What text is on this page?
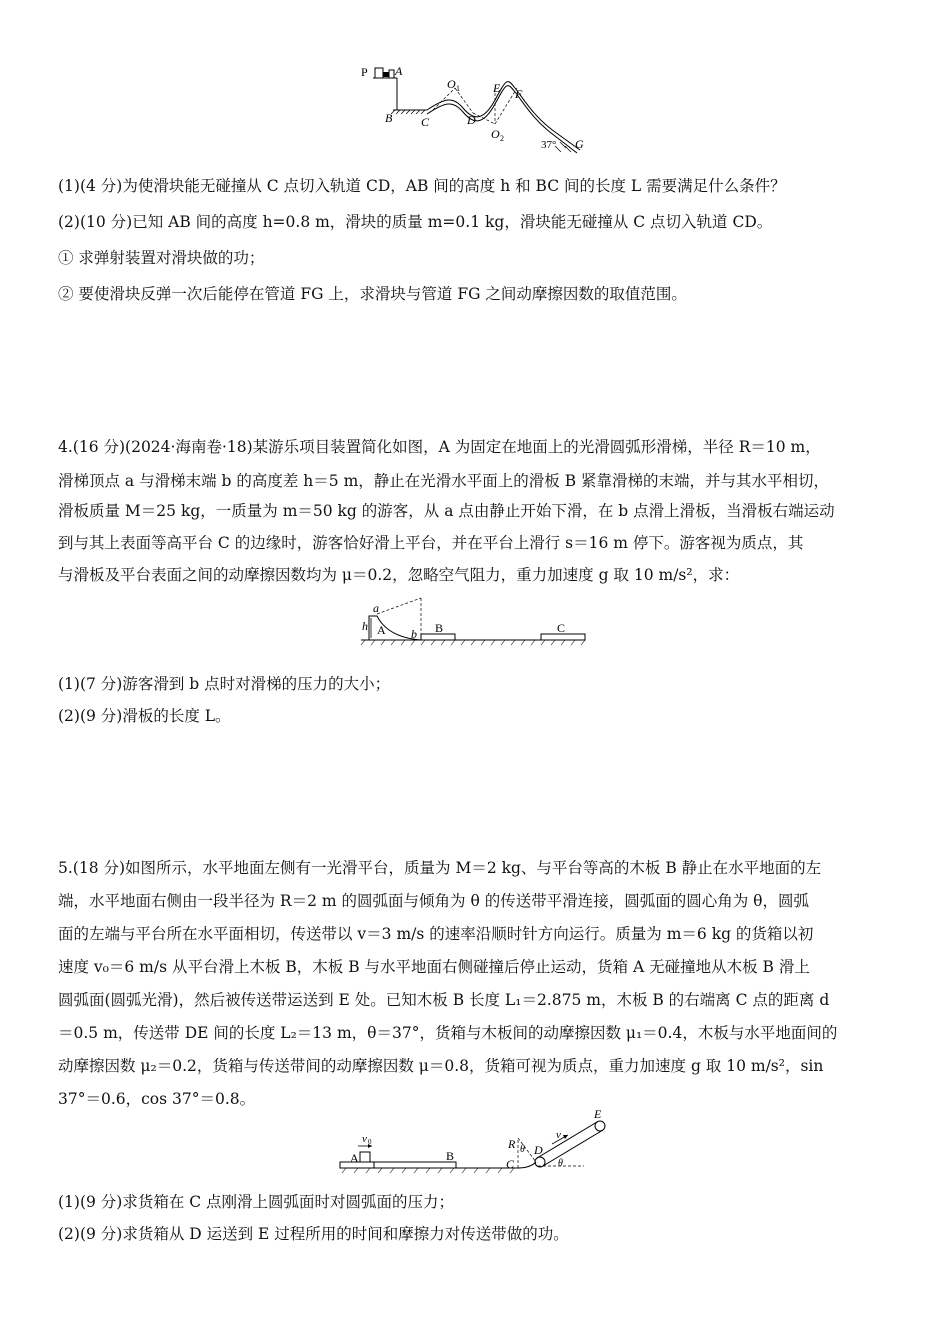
P A
B C
O 1
D
E F
O 2
37° G
(1)(4 分)为使滑块能无碰撞从 C 点切入轨道 CD，AB 间的高度 h 和 BC 间的长度 L 需要满足什么条件？
(2)(10 分)已知 AB 间的高度 h=0.8 m，滑块的质量 m=0.1 kg，滑块能无碰撞从 C 点切入轨道 CD。
① 求弹射装置对滑块做的功；
② 要使滑块反弹一次后能停在管道 FG 上，求滑块与管道 FG 之间动摩擦因数的取值范围。
4.(16 分)(2024·海南卷·18)某游乐项目装置简化如图，A 为固定在地面上的光滑圆弧形滑梯，半径 R＝10 m，
滑梯顶点 a 与滑梯末端 b 的高度差 h＝5 m，静止在光滑水平面上的滑板 B 紧靠滑梯的末端，并与其水平相切，
滑板质量 M＝25 kg，一质量为 m＝50 kg 的游客，从 a 点由静止开始下滑，在 b 点滑上滑板，当滑板右端运动
到与其上表面等高平台 C 的边缘时，游客恰好滑上平台，并在平台上滑行 s＝16 m 停下。游客视为质点，其
与滑板及平台表面之间的动摩擦因数均为 μ＝0.2，忽略空气阻力，重力加速度 g 取 10 m/s²，求：
a
h A b B	C
(1)(7 分)游客滑到 b 点时对滑梯的压力的大小；
(2)(9 分)滑板的长度 L。
5.(18 分)如图所示，水平地面左侧有一光滑平台，质量为 M＝2 kg、与平台等高的木板 B 静止在水平地面的左
端，水平地面右侧由一段半径为 R＝2 m 的圆弧面与倾角为 θ 的传送带平滑连接，圆弧面的圆心角为 θ，圆弧
面的左端与平台所在水平面相切，传送带以 v＝3 m/s 的速率沿顺时针方向运行。质量为 m＝6 kg 的货箱以初
速度 v₀＝6 m/s 从平台滑上木板 B，木板 B 与水平地面右侧碰撞后停止运动，货箱 A 无碰撞地从木板 B 滑上
圆弧面(圆弧光滑)，然后被传送带运送到 E 处。已知木板 B 长度 L₁＝2.875 m，木板 B 的右端离 C 点的距离 d
＝0.5 m，传送带 DE 间的长度 L₂＝13 m，θ＝37°，货箱与木板间的动摩擦因数 μ₁＝0.4，木板与水平地面间的
动摩擦因数 μ₂＝0.2，货箱与传送带间的动摩擦因数 μ＝0.8，货箱可视为质点，重力加速度 g 取 10 m/s²，sin
37°＝0.6，cos 37°＝0.8。
v 0
A	B
R θ D
C
v
E
θ
(1)(9 分)求货箱在 C 点刚滑上圆弧面时对圆弧面的压力；
(2)(9 分)求货箱从 D 运送到 E 过程所用的时间和摩擦力对传送带做的功。
